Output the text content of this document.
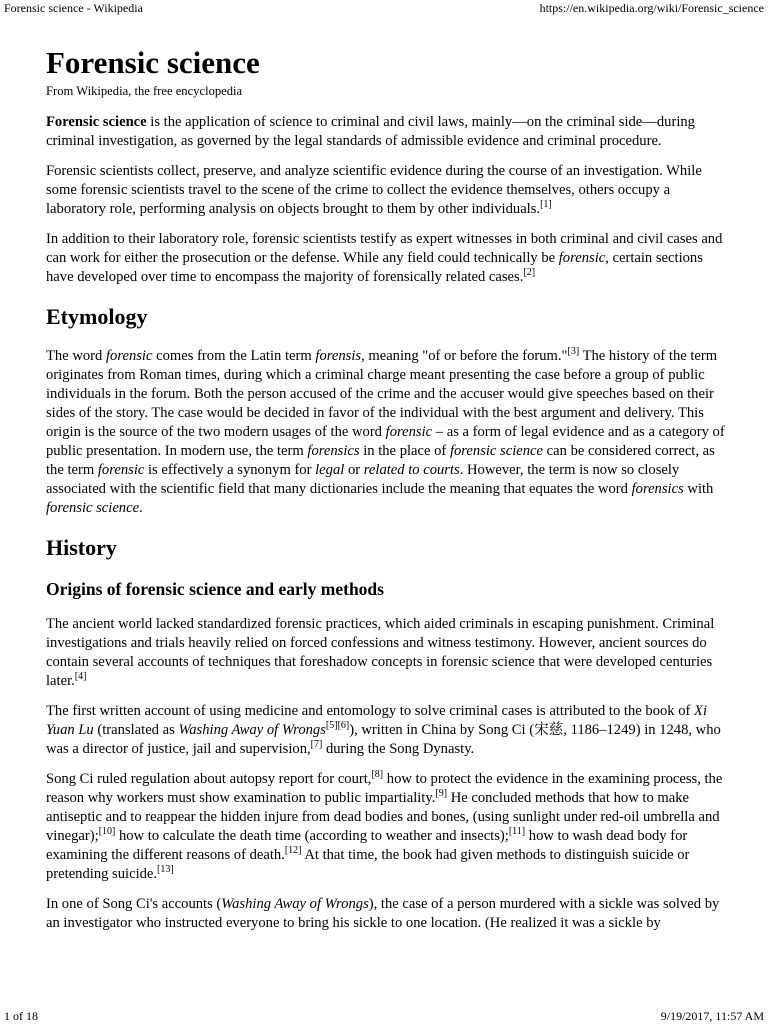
Forensic science - Wikipedia	https://en.wikipedia.org/wiki/Forensic_science
Forensic science
From Wikipedia, the free encyclopedia

Forensic science is the application of science to criminal and civil laws, mainly—on the criminal side—during criminal investigation, as governed by the legal standards of admissible evidence and criminal procedure.

Forensic scientists collect, preserve, and analyze scientific evidence during the course of an investigation. While some forensic scientists travel to the scene of the crime to collect the evidence themselves, others occupy a laboratory role, performing analysis on objects brought to them by other individuals.[1]

In addition to their laboratory role, forensic scientists testify as expert witnesses in both criminal and civil cases and can work for either the prosecution or the defense. While any field could technically be forensic, certain sections have developed over time to encompass the majority of forensically related cases.[2]

Etymology

The word forensic comes from the Latin term forensis, meaning "of or before the forum."[3] The history of the term originates from Roman times, during which a criminal charge meant presenting the case before a group of public individuals in the forum. Both the person accused of the crime and the accuser would give speeches based on their sides of the story. The case would be decided in favor of the individual with the best argument and delivery. This origin is the source of the two modern usages of the word forensic – as a form of legal evidence and as a category of public presentation. In modern use, the term forensics in the place of forensic science can be considered correct, as the term forensic is effectively a synonym for legal or related to courts. However, the term is now so closely associated with the scientific field that many dictionaries include the meaning that equates the word forensics with forensic science.

History
Origins of forensic science and early methods

The ancient world lacked standardized forensic practices, which aided criminals in escaping punishment. Criminal investigations and trials heavily relied on forced confessions and witness testimony. However, ancient sources do contain several accounts of techniques that foreshadow concepts in forensic science that were developed centuries later.[4]

The first written account of using medicine and entomology to solve criminal cases is attributed to the book of Xi Yuan Lu (translated as Washing Away of Wrongs[5][6]), written in China by Song Ci (宋慈, 1186–1249) in 1248, who was a director of justice, jail and supervision,[7] during the Song Dynasty.

Song Ci ruled regulation about autopsy report for court,[8] how to protect the evidence in the examining process, the reason why workers must show examination to public impartiality.[9] He concluded methods that how to make antiseptic and to reappear the hidden injure from dead bodies and bones, (using sunlight under red-oil umbrella and vinegar);[10] how to calculate the death time (according to weather and insects);[11] how to wash dead body for examining the different reasons of death.[12] At that time, the book had given methods to distinguish suicide or pretending suicide.[13]

In one of Song Ci's accounts (Washing Away of Wrongs), the case of a person murdered with a sickle was solved by an investigator who instructed everyone to bring his sickle to one location. (He realized it was a sickle by

1 of 18	9/19/2017, 11:57 AM
